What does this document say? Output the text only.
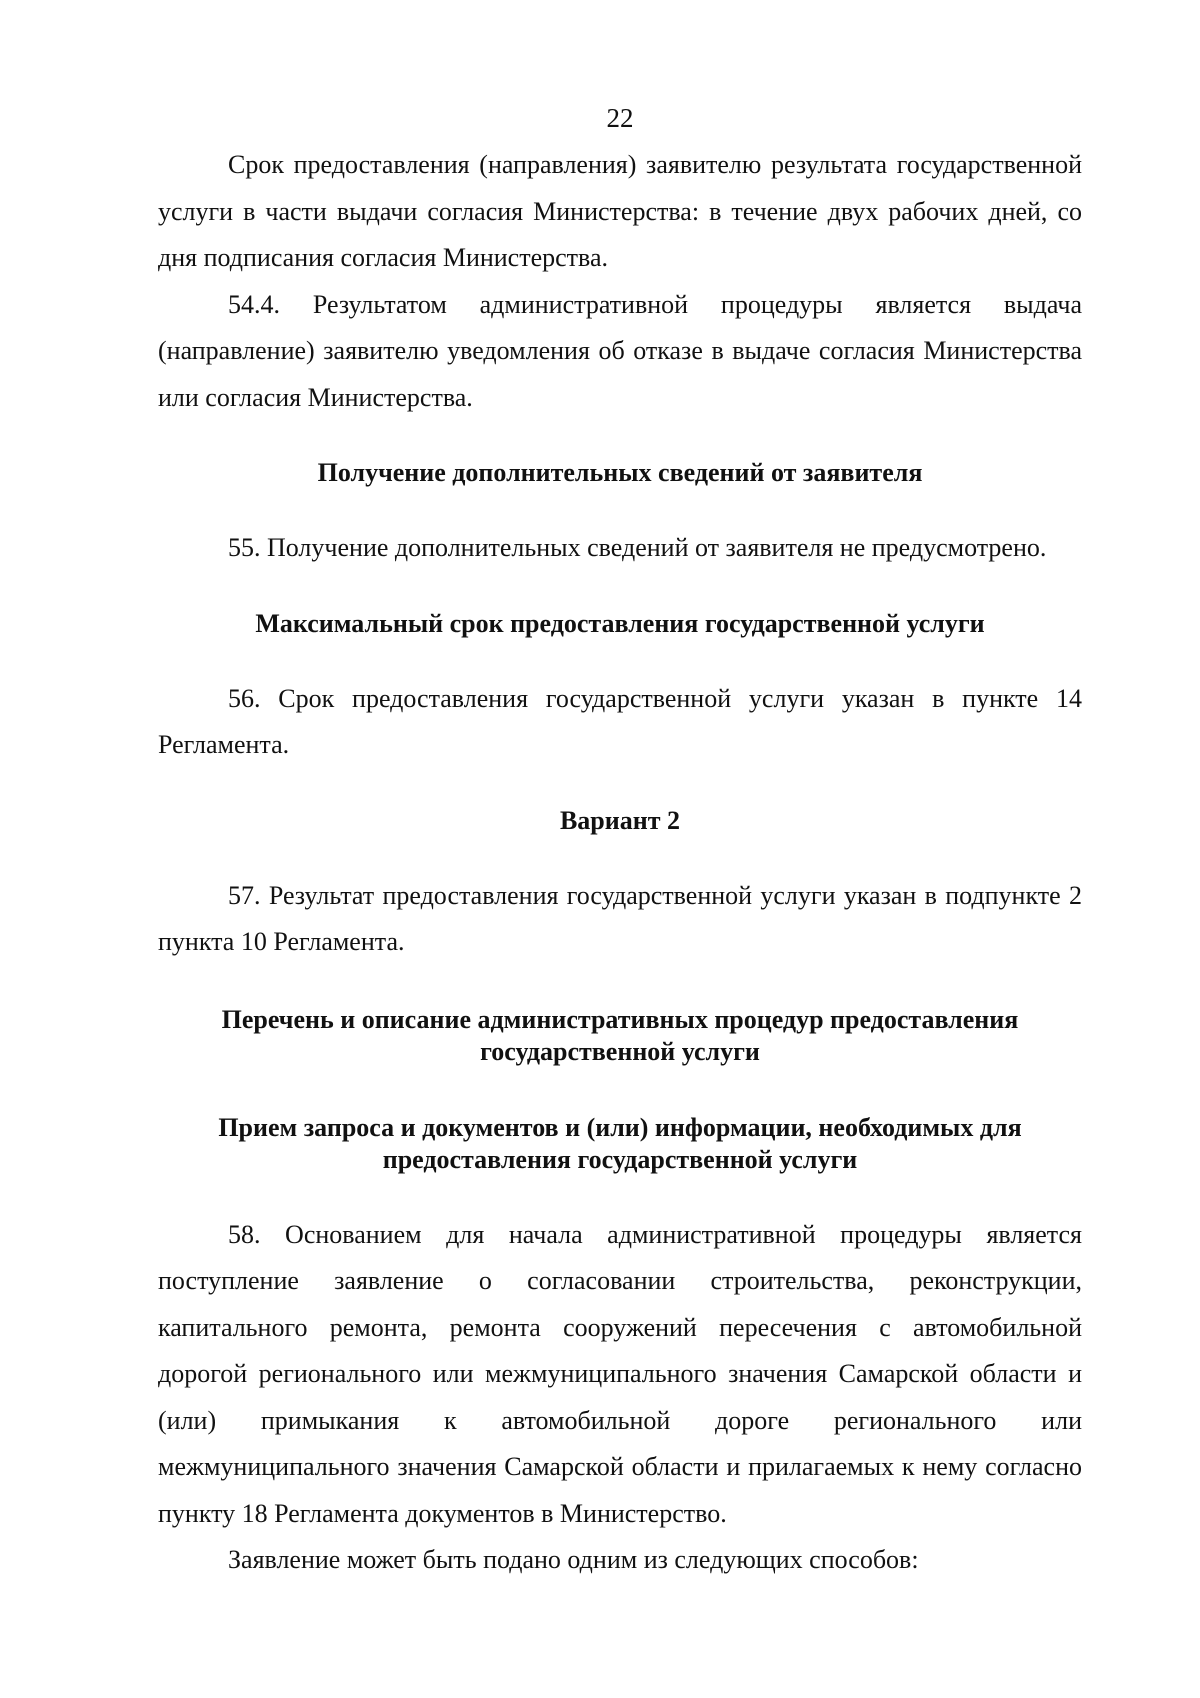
22

Срок предоставления (направления) заявителю результата государственной услуги в части выдачи согласия Министерства: в течение двух рабочих дней, со дня подписания согласия Министерства.

54.4. Результатом административной процедуры является выдача (направление) заявителю уведомления об отказе в выдаче согласия Министерства или согласия Министерства.

Получение дополнительных сведений от заявителя

55. Получение дополнительных сведений от заявителя не предусмотрено.

Максимальный срок предоставления государственной услуги

56. Срок предоставления государственной услуги указан в пункте 14 Регламента.

Вариант 2

57. Результат предоставления государственной услуги указан в подпункте 2 пункта 10 Регламента.

Перечень и описание административных процедур предоставления
государственной услуги
Прием запроса и документов и (или) информации, необходимых для
предоставления государственной услуги

58. Основанием для начала административной процедуры является поступление заявление о согласовании строительства, реконструкции, капитального ремонта, ремонта сооружений пересечения с автомобильной дорогой регионального или межмуниципального значения Самарской области и (или) примыкания к автомобильной дороге регионального или межмуниципального значения Самарской области и прилагаемых к нему согласно пункту 18 Регламента документов в Министерство.

Заявление может быть подано одним из следующих способов:
